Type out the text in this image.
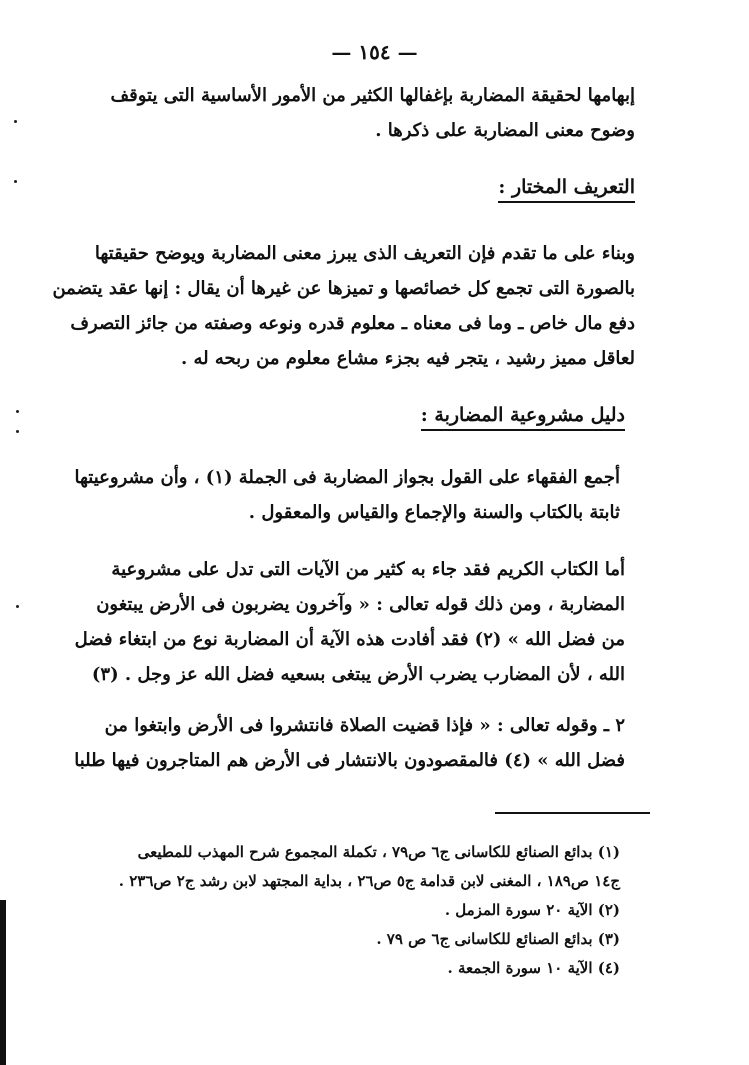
— ١٥٤ —
إبهامها لحقيقة المضاربة بإغفالها الكثير من الأمور الأساسية التى يتوقف
وضوح معنى المضاربة على ذكرها .
التعريف المختار :
وبناء على ما تقدم فإن التعريف الذى يبرز معنى المضاربة ويوضح حقيقتها
بالصورة التى تجمع كل خصائصها و تميزها عن غيرها أن يقال : إنها عقد يتضمن
دفع مال خاص ـ وما فى معناه ـ معلوم قدره ونوعه وصفته من جائز التصرف
لعاقل مميز رشيد ، يتجر فيه بجزء مشاع معلوم من ربحه له .
دليل مشروعية المضاربة :
أجمع الفقهاء على القول بجواز المضاربة فى الجملة (١) ، وأن مشروعيتها
ثابتة بالكتاب والسنة والإجماع والقياس والمعقول .
أما الكتاب الكريم فقد جاء به كثير من الآيات التى تدل على مشروعية
المضاربة ، ومن ذلك قوله تعالى : « وآخرون يضربون فى الأرض يبتغون
من فضل الله » (٢) فقد أفادت هذه الآية أن المضاربة نوع من ابتغاء فضل
الله ، لأن المضارب يضرب الأرض يبتغى بسعيه فضل الله عز وجل . (٣)
٢ ـ وقوله تعالى : « فإذا قضيت الصلاة فانتشروا فى الأرض وابتغوا من
فضل الله » (٤) فالمقصودون بالانتشار فى الأرض هم المتاجرون فيها طلبا
(١) بدائع الصنائع للكاسانى ج٦ ص٧٩ ، تكملة المجموع شرح المهذب للمطيعى
ج١٤ ص١٨٩ ، المغنى لابن قدامة ج٥ ص٢٦ ، بداية المجتهد لابن رشد ج٢ ص٢٣٦ .
(٢) الآية ٢٠ سورة المزمل .
(٣) بدائع الصنائع للكاسانى ج٦ ص ٧٩ .
(٤) الآية ١٠ سورة الجمعة .
